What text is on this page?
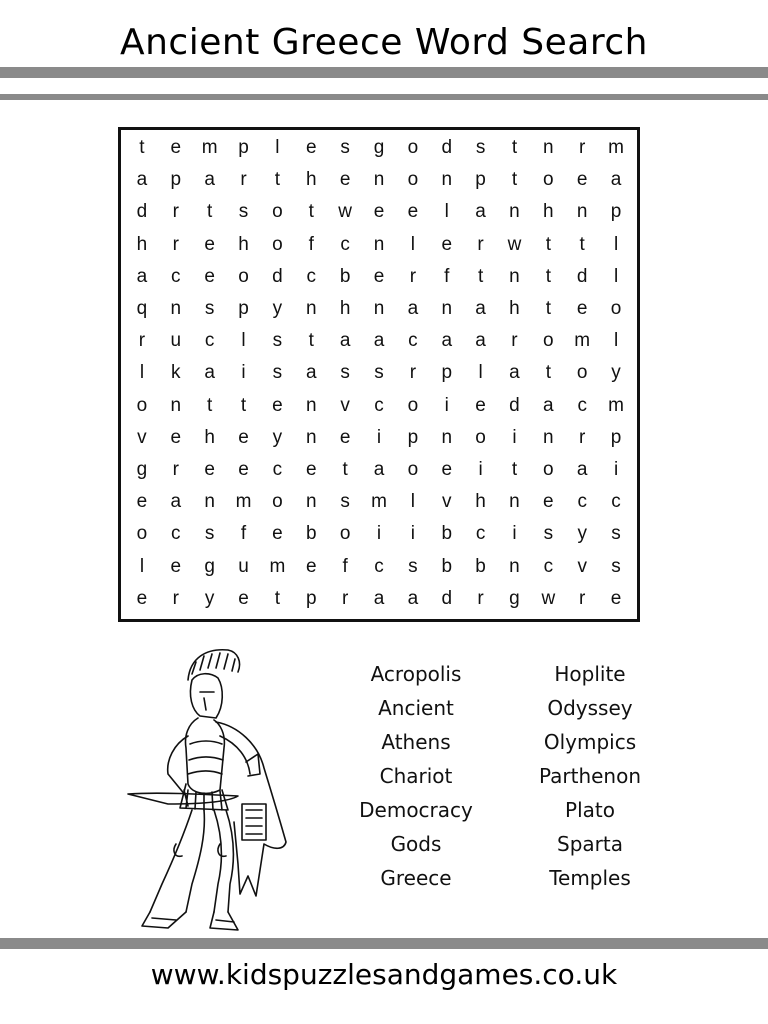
Ancient Greece Word Search
t	e	m	p	l	e	s	g	o	d	s	t	n	r	m
a	p	a	r	t	h	e	n	o	n	p	t	o	e	a
d	r	t	s	o	t	w	e	e	l	a	n	h	n	p
h	r	e	h	o	f	c	n	l	e	r	w	t	t	l
a	c	e	o	d	c	b	e	r	f	t	n	t	d	l
q	n	s	p	y	n	h	n	a	n	a	h	t	e	o
r	u	c	l	s	t	a	a	c	a	a	r	o	m	l
l	k	a	i	s	a	s	s	r	p	l	a	t	o	y
o	n	t	t	e	n	v	c	o	i	e	d	a	c	m
v	e	h	e	y	n	e	i	p	n	o	i	n	r	p
g	r	e	e	c	e	t	a	o	e	i	t	o	a	i
e	a	n	m	o	n	s	m	l	v	h	n	e	c	c
o	c	s	f	e	b	o	i	i	b	c	i	s	y	s
l	e	g	u	m	e	f	c	s	b	b	n	c	v	s
e	r	y	e	t	p	r	a	a	d	r	g	w	r	e
Acropolis
Ancient
Athens
Chariot
Democracy
Gods
Greece
Hoplite
Odyssey
Olympics
Parthenon
Plato
Sparta
Temples
www.kidspuzzlesandgames.co.uk
